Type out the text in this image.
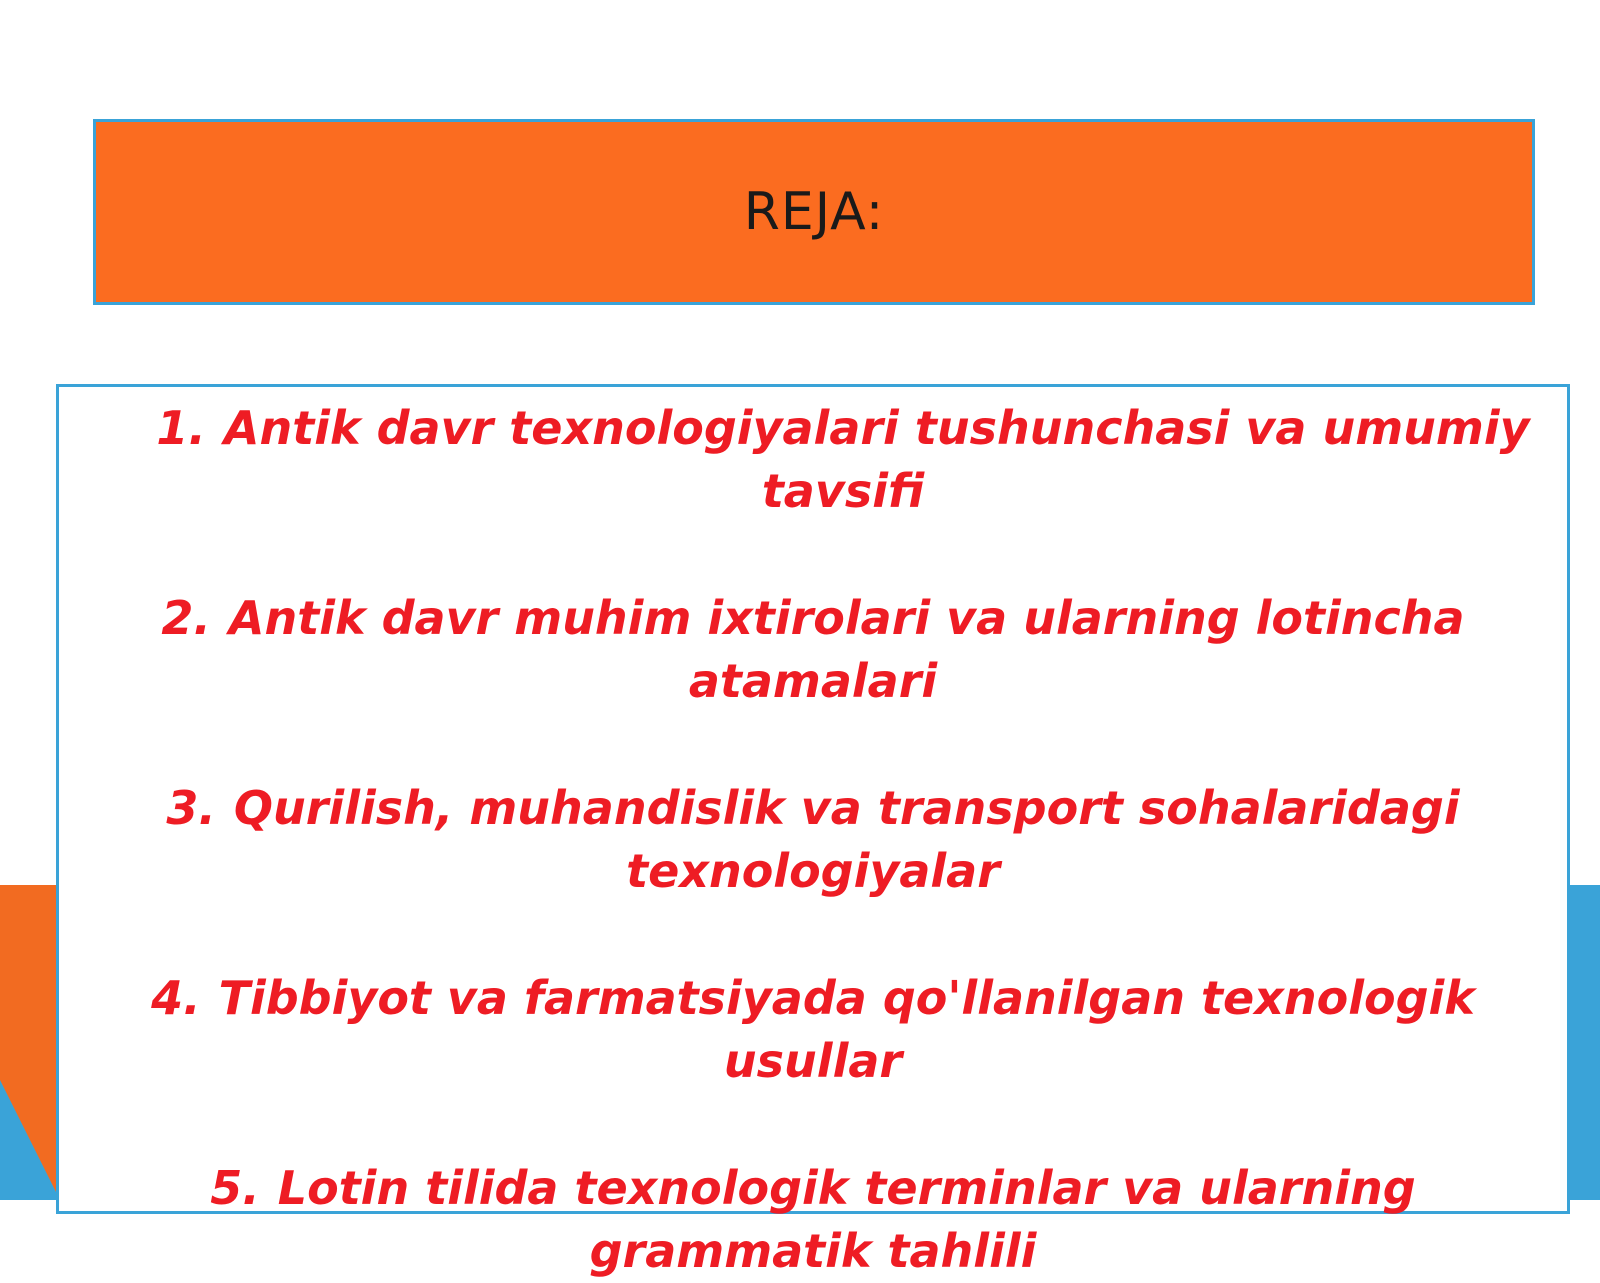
REJA:
1. Antik davr texnologiyalari tushunchasi va umumiy tavsifi
2. Antik davr muhim ixtirolari va ularning lotincha atamalari
3. Qurilish, muhandislik va transport sohalaridagi texnologiyalar
4. Tibbiyot va farmatsiyada qo'llanilgan texnologik usullar
5. Lotin tilida texnologik terminlar va ularning grammatik tahlili
